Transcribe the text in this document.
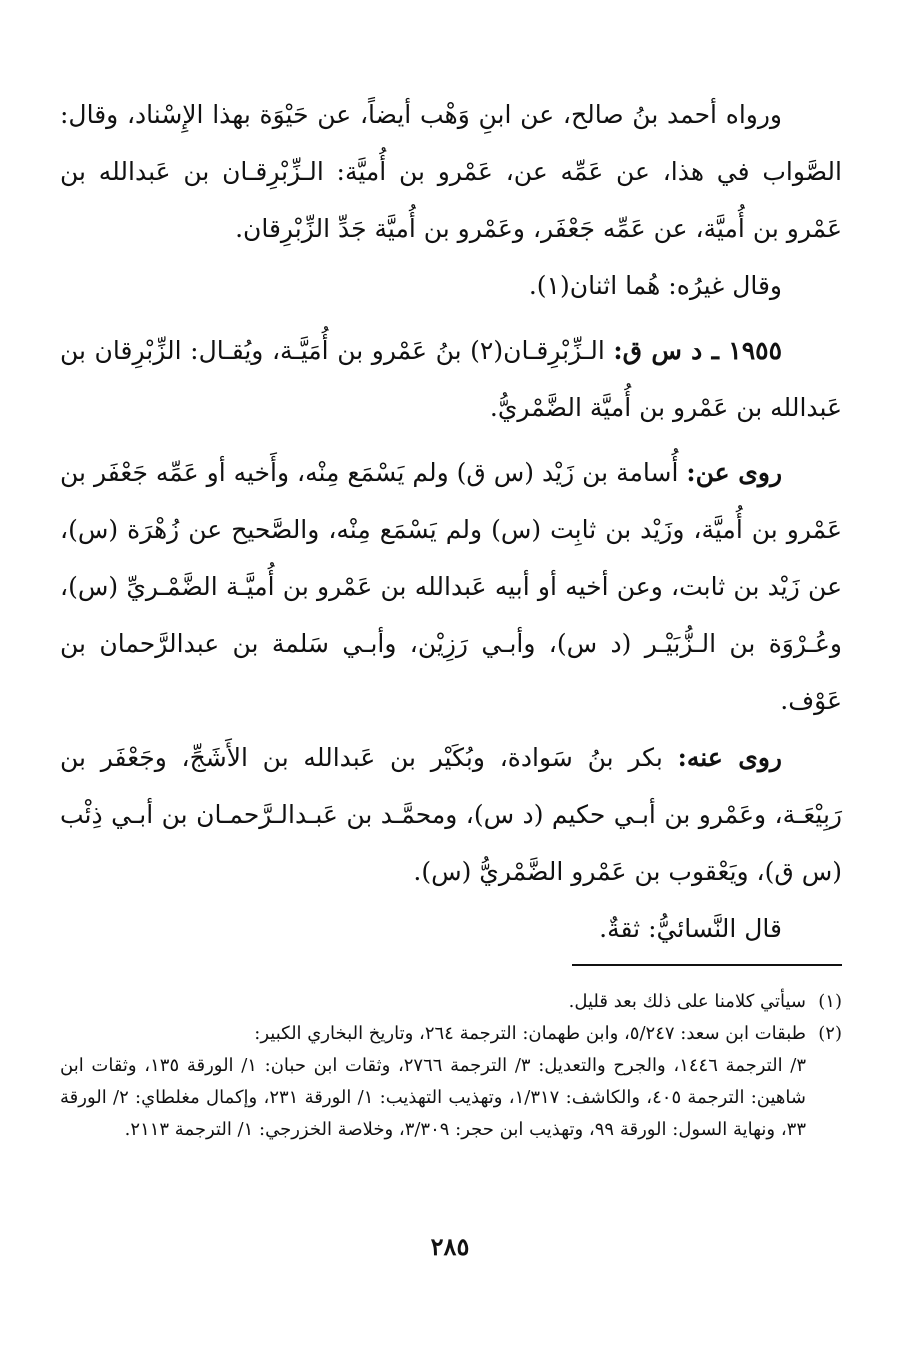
ورواه أحمد بنُ صالح، عن ابنِ وَهْب أيضاً، عن حَيْوَة بهذا الإِسْناد، وقال: الصَّواب في هذا، عن عَمِّه عن، عَمْرو بن أُميَّة: الـزِّبْرِقـان بن عَبدالله بن عَمْرو بن أُميَّة، عن عَمِّه جَعْفَر، وعَمْرو بن أُميَّة جَدِّ الزِّبْرِقان.

وقال غيرُه: هُما اثنان(١).

١٩٥٥ ـ د س ق: الـزِّبْرِقـان(٢) بنُ عَمْرو بن أُمَيَّـة، ويُقـال: الزِّبْرِقان بن عَبدالله بن عَمْرو بن أُميَّة الضَّمْريُّ.

روى عن: أُسامة بن زَيْد (س ق) ولم يَسْمَع مِنْه، وأَخيه أو عَمِّه جَعْفَر بن عَمْرو بن أُميَّة، وزَيْد بن ثابِت (س) ولم يَسْمَع مِنْه، والصَّحيح عن زُهْرَة (س)، عن زَيْد بن ثابت، وعن أخيه أو أبيه عَبدالله بن عَمْرو بن أُميَّـة الضَّمْـريِّ (س)، وعُـرْوَة بن الـزُّبَيْـر (د س)، وأبـي رَزِيْن، وأبـي سَلمة بن عبدالرَّحمان بن عَوْف.

روى عنه: بكر بنُ سَوادة، وبُكَيْر بن عَبدالله بن الأَشَجِّ، وجَعْفَر بن رَبِيْعَـة، وعَمْرو بن أبـي حكيم (د س)، ومحمَّـد بن عَبـدالـرَّحمـان بن أبـي ذِئْب (س ق)، ويَعْقوب بن عَمْرو الضَّمْريُّ (س).

قال النَّسائيُّ: ثقةٌ.

(١)سيأتي كلامنا على ذلك بعد قليل.

(٢)طبقات ابن سعد: ٥/٢٤٧، وابن طهمان: الترجمة ٢٦٤، وتاريخ البخاري الكبير:

٣/ الترجمة ١٤٤٦، والجرح والتعديل: ٣/ الترجمة ٢٧٦٦، وثقات ابن حبان: ١/ الورقة ١٣٥، وثقات ابن شاهين: الترجمة ٤٠٥، والكاشف: ١/٣١٧، وتهذيب التهذيب: ١/ الورقة ٢٣١، وإكمال مغلطاي: ٢/ الورقة ٣٣، ونهاية السول: الورقة ٩٩، وتهذيب ابن حجر: ٣/٣٠٩، وخلاصة الخزرجي: ١/ الترجمة ٢١١٣.

٢٨٥
